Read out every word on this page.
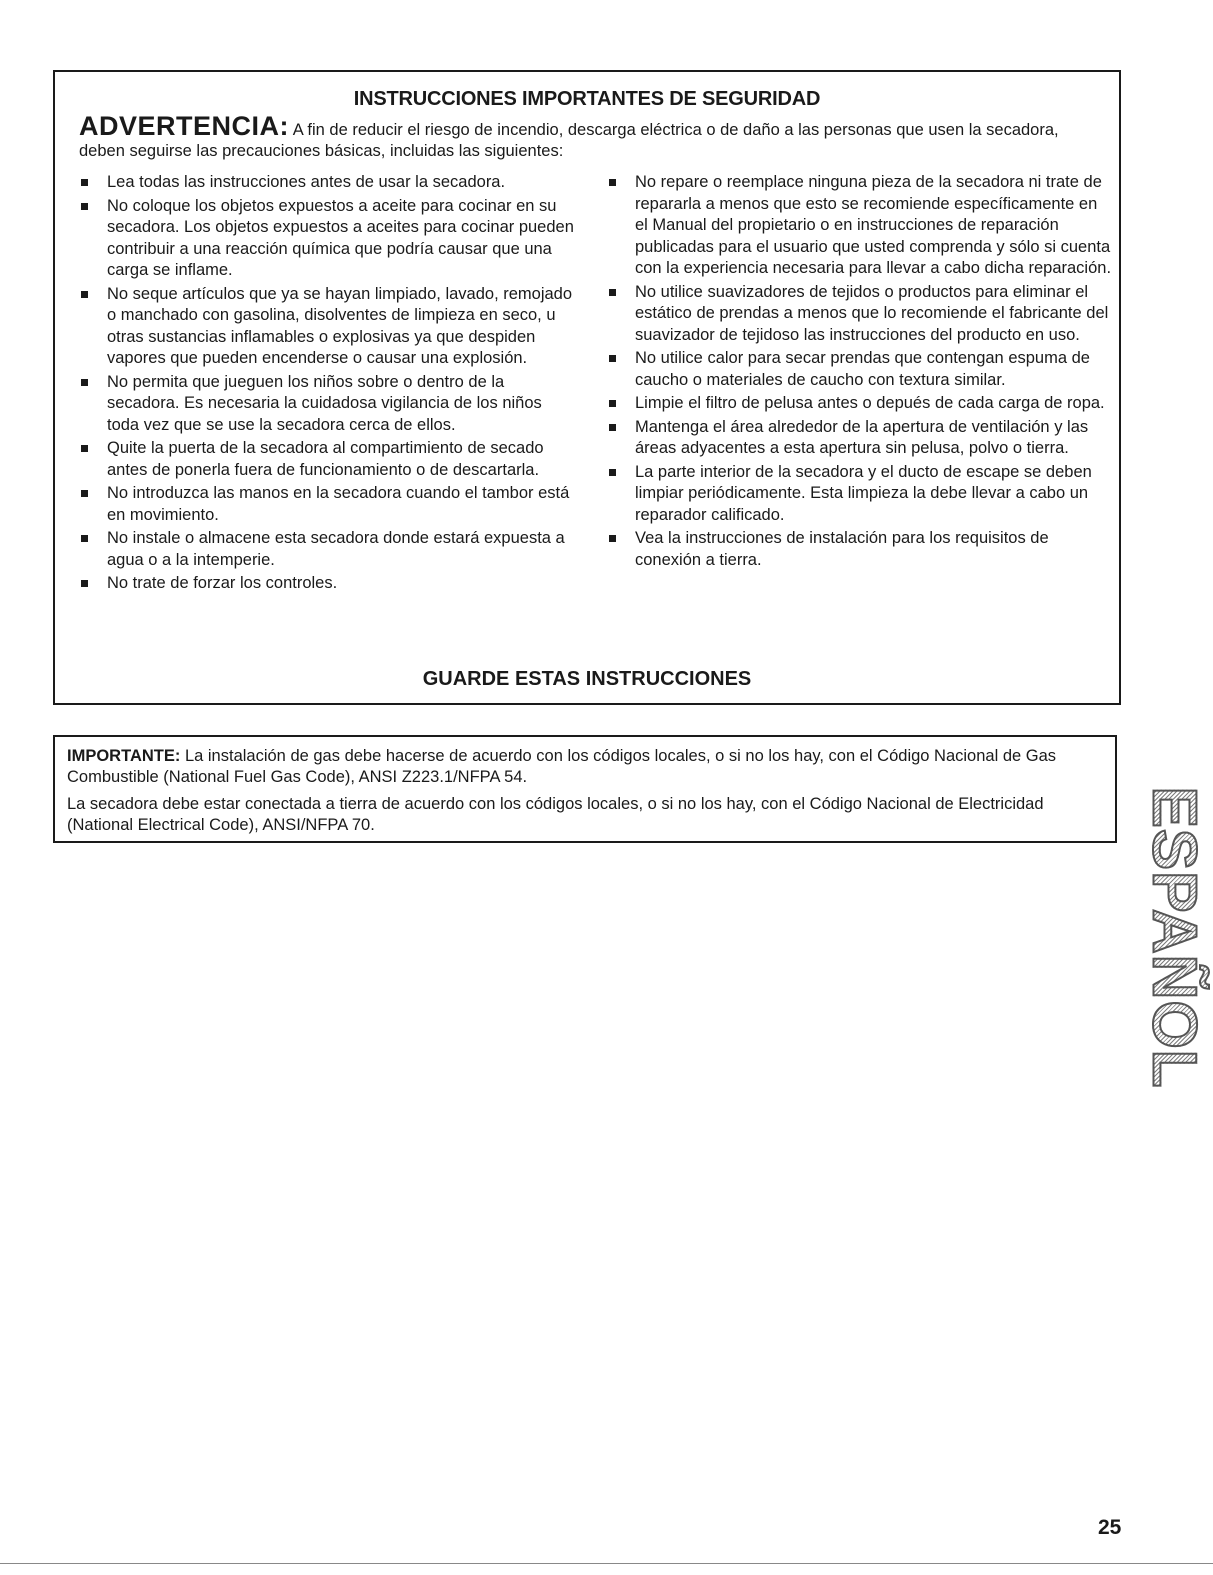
INSTRUCCIONES IMPORTANTES DE SEGURIDAD
ADVERTENCIA: A fin de reducir el riesgo de incendio, descarga eléctrica o de daño a las personas que usen la secadora, deben seguirse las precauciones básicas, incluidas las siguientes:
Lea todas las instrucciones antes de usar la secadora.
No coloque los objetos expuestos a aceite para cocinar en su secadora. Los objetos expuestos a aceites para cocinar pueden contribuir a una reacción química que podría causar que una carga se inflame.
No seque artículos que ya se hayan limpiado, lavado, remojado o manchado con gasolina, disolventes de limpieza en seco, u otras sustancias inflamables o explosivas ya que despiden vapores que pueden encenderse o causar una explosión.
No permita que jueguen los niños sobre o dentro de la secadora. Es necesaria la cuidadosa vigilancia de los niños toda vez que se use la secadora cerca de ellos.
Quite la puerta de la secadora al compartimiento de secado antes de ponerla fuera de funcionamiento o de descartarla.
No introduzca las manos en la secadora cuando el tambor está en movimiento.
No instale o almacene esta secadora donde estará expuesta a agua o a la intemperie.
No trate de forzar los controles.
No repare o reemplace ninguna pieza de la secadora ni trate de repararla a menos que esto se recomiende específicamente en el Manual del propietario o en instrucciones de reparación publicadas para el usuario que usted comprenda y sólo si cuenta con la experiencia necesaria para llevar a cabo dicha reparación.
No utilice suavizadores de tejidos o productos para eliminar el estático de prendas a menos que lo recomiende el fabricante del suavizador de tejidoso las instrucciones del producto en uso.
No utilice calor para secar prendas que contengan espuma de caucho o materiales de caucho con textura similar.
Limpie el filtro de pelusa antes o depués de cada carga de ropa.
Mantenga el área alrededor de la apertura de ventilación y las áreas adyacentes a esta apertura sin pelusa, polvo o tierra.
La parte interior de la secadora y el ducto de escape se deben limpiar periódicamente. Esta limpieza la debe llevar a cabo un reparador calificado.
Vea la instrucciones de instalación para los requisitos de conexión a tierra.
GUARDE ESTAS INSTRUCCIONES

IMPORTANTE: La instalación de gas debe hacerse de acuerdo con los códigos locales, o si no los hay, con el Código Nacional de Gas Combustible (National Fuel Gas Code), ANSI Z223.1/NFPA 54.

La secadora debe estar conectada a tierra de acuerdo con los códigos locales, o si no los hay, con el Código Nacional de Electricidad (National Electrical Code), ANSI/NFPA 70.	ESPAÑOL
25
